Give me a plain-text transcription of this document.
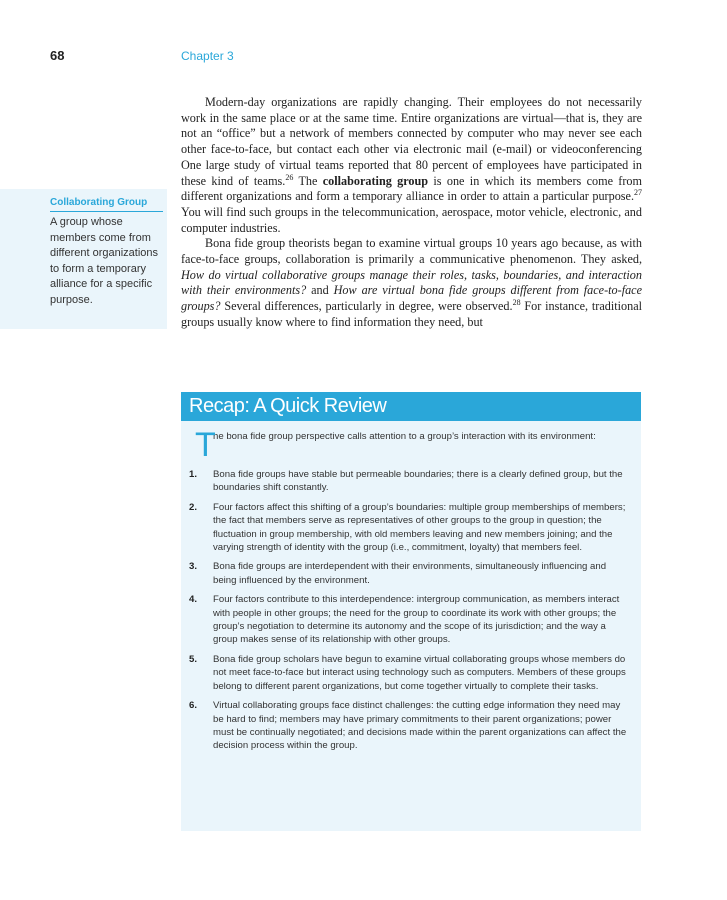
68	Chapter 3
Collaborating Group
A group whose members come from different organizations to form a temporary alliance for a specific purpose.

Modern-day organizations are rapidly changing. Their employees do not necessarily work in the same place or at the same time. Entire organizations are virtual—that is, they are not an “office” but a network of members connected by computer who may never see each other face-to-face, but contact each other via electronic mail (e-mail) or videoconferencing One large study of virtual teams reported that 80 percent of employees have participated in these kind of teams.$^{26}$ The collaborating group is one in which its members come from different organizations and form a temporary alliance in order to attain a particular purpose.$^{27}$ You will find such groups in the telecommunication, aerospace, motor vehicle, electronic, and computer industries.

Bona fide group theorists began to examine virtual groups 10 years ago because, as with face-to-face groups, collaboration is primarily a communicative phenomenon. They asked, How do virtual collaborative groups manage their roles, tasks, boundaries, and interaction with their environments? and How are virtual bona fide groups different from face-to-face groups? Several differences, particularly in degree, were observed.$^{28}$ For instance, traditional groups usually know where to find information they need, but

Recap: A Quick Review
T
he bona fide group perspective calls attention to a group’s interaction with its environment:
1.	Bona fide groups have stable but permeable boundaries; there is a clearly defined group, but the boundaries shift constantly.
2.	Four factors affect this shifting of a group’s boundaries: multiple group memberships of members; the fact that members serve as representatives of other groups to the group in question; the fluctuation in group membership, with old members leaving and new members joining; and the varying strength of identity with the group (i.e., commitment, loyalty) that members feel.
3.	Bona fide groups are interdependent with their environments, simultaneously influencing and being influenced by the environment.
4.	Four factors contribute to this interdependence: intergroup communication, as members interact with people in other groups; the need for the group to coordinate its work with other groups; the group’s negotiation to determine its autonomy and the scope of its jurisdiction; and the way a group makes sense of its relationship with other groups.
5.	Bona fide group scholars have begun to examine virtual collaborating groups whose members do not meet face-to-face but interact using technology such as computers. Members of these groups belong to different parent organizations, but come together virtually to complete their tasks.
6.	Virtual collaborating groups face distinct challenges: the cutting edge information they need may be hard to find; members may have primary commitments to their parent organizations; power must be continually negotiated; and decisions made within the parent organizations can affect the decision process within the group.
